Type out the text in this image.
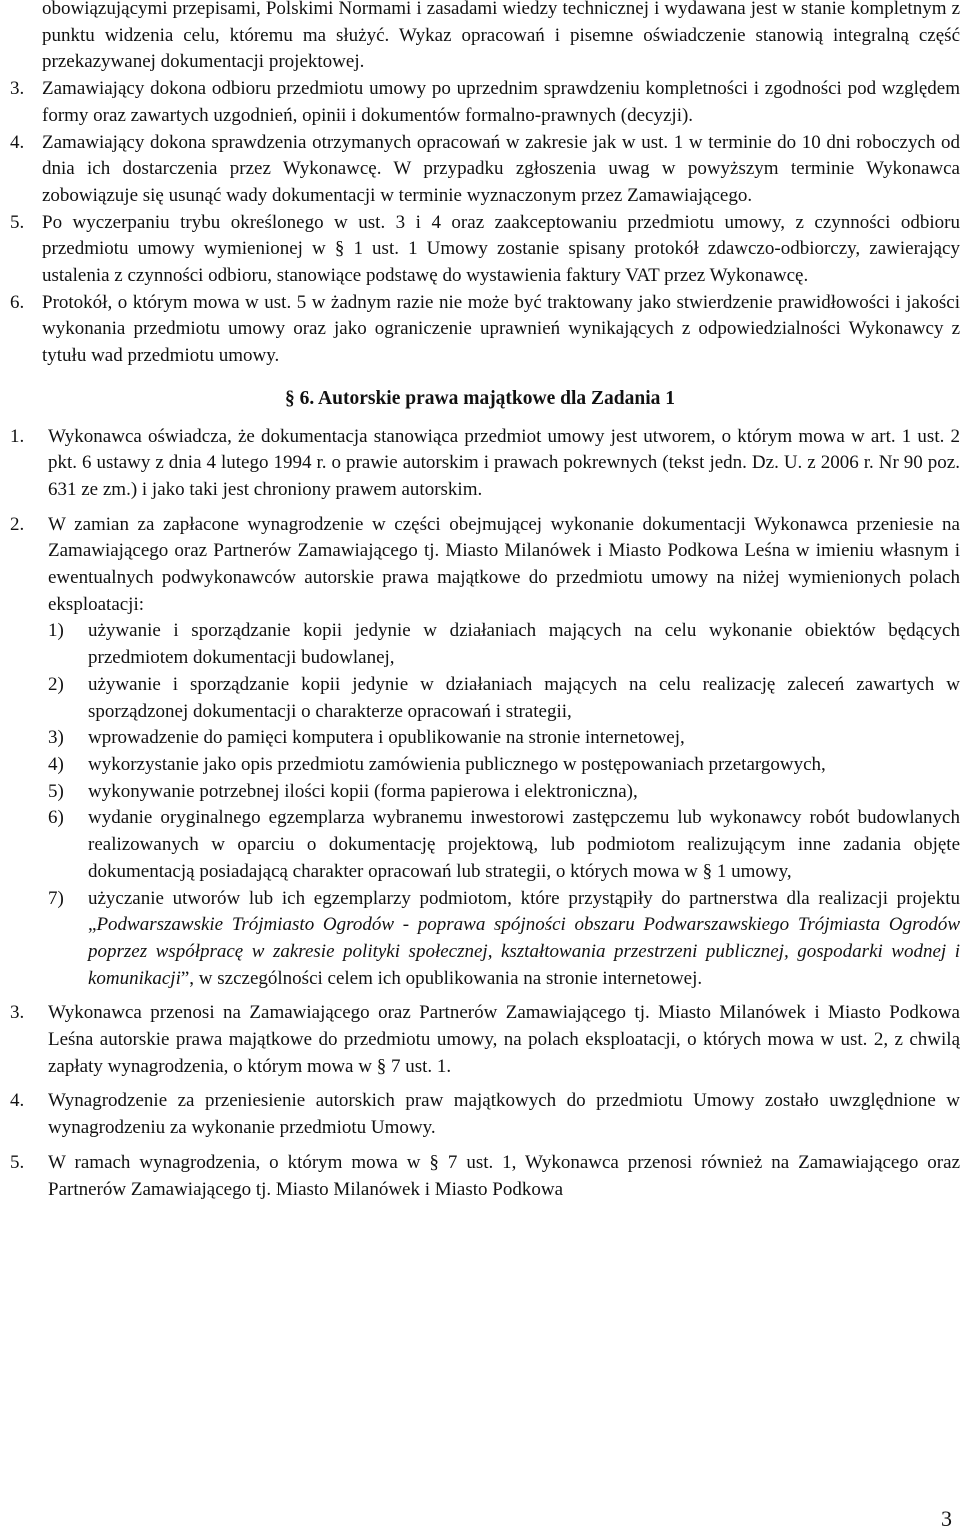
obowiązującymi przepisami, Polskimi Normami i zasadami wiedzy technicznej i wydawana jest w stanie kompletnym z punktu widzenia celu, któremu ma służyć. Wykaz opracowań i pisemne oświadczenie stanowią integralną część przekazywanej dokumentacji projektowej.

3. Zamawiający dokona odbioru przedmiotu umowy po uprzednim sprawdzeniu kompletności i zgodności pod względem formy oraz zawartych uzgodnień, opinii i dokumentów formalno-prawnych (decyzji).
4. Zamawiający dokona sprawdzenia otrzymanych opracowań w zakresie jak w ust. 1 w terminie do 10 dni roboczych od dnia ich dostarczenia przez Wykonawcę. W przypadku zgłoszenia uwag w powyższym terminie Wykonawca zobowiązuje się usunąć wady dokumentacji w terminie wyznaczonym przez Zamawiającego.
5. Po wyczerpaniu trybu określonego w ust. 3 i 4 oraz zaakceptowaniu przedmiotu umowy, z czynności odbioru przedmiotu umowy wymienionej w § 1 ust. 1 Umowy zostanie spisany protokół zdawczo-odbiorczy, zawierający ustalenia z czynności odbioru, stanowiące podstawę do wystawienia faktury VAT przez Wykonawcę.
6. Protokół, o którym mowa w ust. 5 w żadnym razie nie może być traktowany jako stwierdzenie prawidłowości i jakości wykonania przedmiotu umowy oraz jako ograniczenie uprawnień wynikających z odpowiedzialności Wykonawcy z tytułu wad przedmiotu umowy.
§ 6. Autorskie prawa majątkowe dla Zadania 1
1. Wykonawca oświadcza, że dokumentacja stanowiąca przedmiot umowy jest utworem, o którym mowa w art. 1 ust. 2 pkt. 6 ustawy z dnia 4 lutego 1994 r. o prawie autorskim i prawach pokrewnych (tekst jedn. Dz. U. z 2006 r. Nr 90 poz. 631 ze zm.) i jako taki jest chroniony prawem autorskim.
2. W zamian za zapłacone wynagrodzenie w części obejmującej wykonanie dokumentacji Wykonawca przeniesie na Zamawiającego oraz Partnerów Zamawiającego tj. Miasto Milanówek i Miasto Podkowa Leśna w imieniu własnym i ewentualnych podwykonawców autorskie prawa majątkowe do przedmiotu umowy na niżej wymienionych polach eksploatacji:
1) używanie i sporządzanie kopii jedynie w działaniach mających na celu wykonanie obiektów będących przedmiotem dokumentacji budowlanej,
2) używanie i sporządzanie kopii jedynie w działaniach mających na celu realizację zaleceń zawartych w sporządzonej dokumentacji o charakterze opracowań i strategii,
3) wprowadzenie do pamięci komputera i opublikowanie na stronie internetowej,
4) wykorzystanie jako opis przedmiotu zamówienia publicznego w postępowaniach przetargowych,
5) wykonywanie potrzebnej ilości kopii (forma papierowa i elektroniczna),
6) wydanie oryginalnego egzemplarza wybranemu inwestorowi zastępczemu lub wykonawcy robót budowlanych realizowanych w oparciu o dokumentację projektową, lub podmiotom realizującym inne zadania objęte dokumentacją posiadającą charakter opracowań lub strategii, o których mowa w § 1 umowy,
7) użyczanie utworów lub ich egzemplarzy podmiotom, które przystąpiły do partnerstwa dla realizacji projektu „Podwarszawskie Trójmiasto Ogrodów - poprawa spójności obszaru Podwarszawskiego Trójmiasta Ogrodów poprzez współpracę w zakresie polityki społecznej, kształtowania przestrzeni publicznej, gospodarki wodnej i komunikacji”, w szczególności celem ich opublikowania na stronie internetowej.
3. Wykonawca przenosi na Zamawiającego oraz Partnerów Zamawiającego tj. Miasto Milanówek i Miasto Podkowa Leśna autorskie prawa majątkowe do przedmiotu umowy, na polach eksploatacji, o których mowa w ust. 2, z chwilą zapłaty wynagrodzenia, o którym mowa w § 7 ust. 1.
4. Wynagrodzenie za przeniesienie autorskich praw majątkowych do przedmiotu Umowy zostało uwzględnione w wynagrodzeniu za wykonanie przedmiotu Umowy.
5. W ramach wynagrodzenia, o którym mowa w § 7 ust. 1, Wykonawca przenosi również na Zamawiającego oraz Partnerów Zamawiającego tj. Miasto Milanówek i Miasto Podkowa
3
